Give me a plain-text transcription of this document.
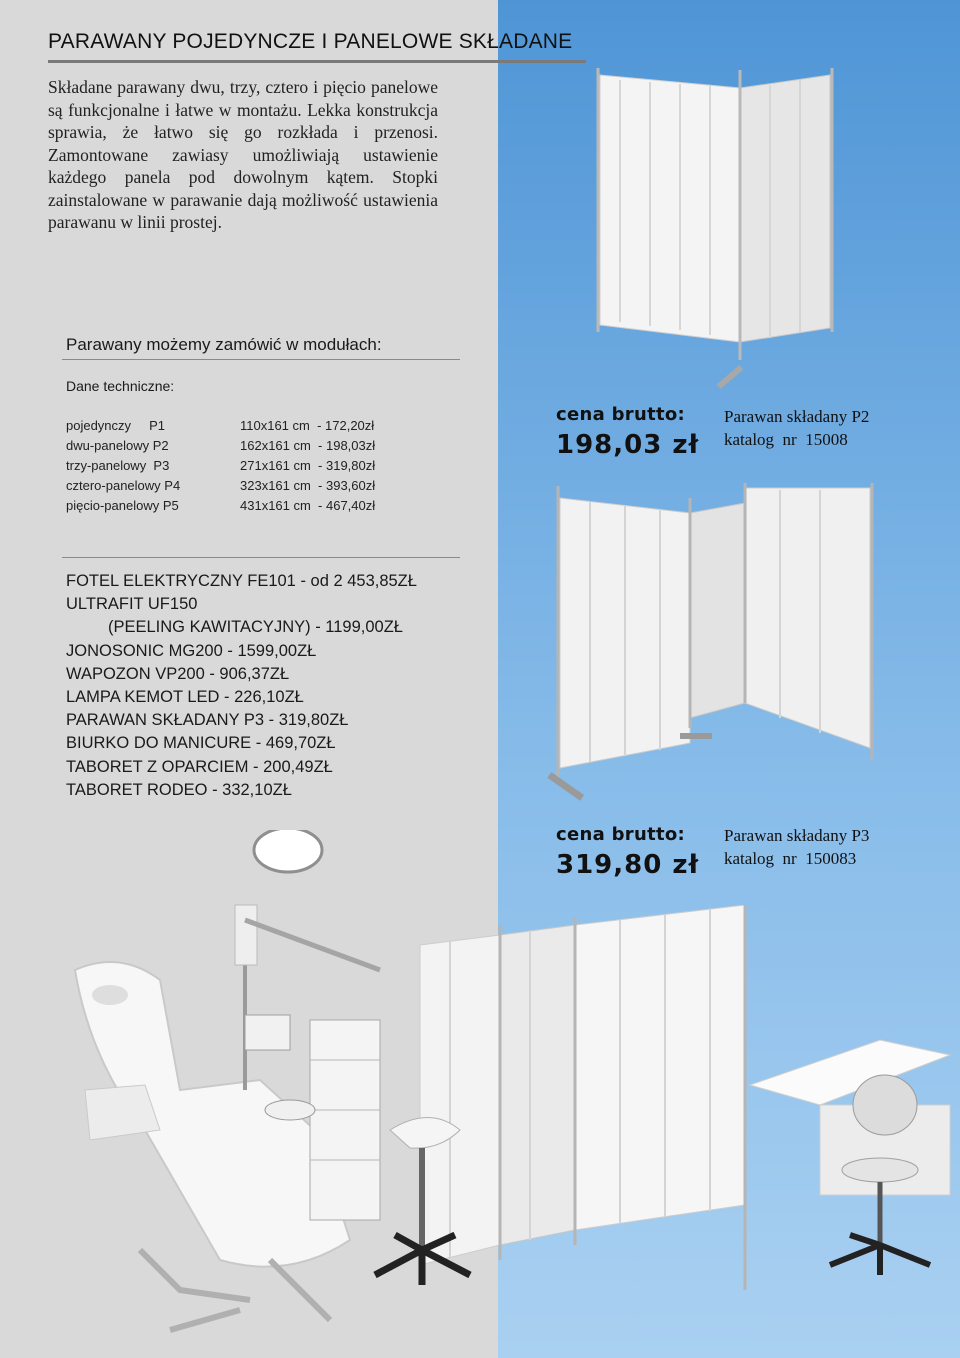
PARAWANY POJEDYNCZE I PANELOWE SKŁADANE
Składane parawany dwu, trzy, cztero i pięcio panelowe są funkcjonalne i łatwe w montażu. Lekka konstrukcja sprawia, że łatwo się go rozkłada i przenosi. Zamontowane zawiasy umożliwiają ustawienie każdego panela pod dowolnym kątem. Stopki zainstalowane w parawanie dają możliwość ustawienia parawanu w linii prostej.
Parawany możemy zamówić w modułach:
Dane techniczne:
pojedynczy     P1	110x161 cm  - 172,20zł
dwu-panelowy P2	162x161 cm  - 198,03zł
trzy-panelowy  P3	271x161 cm  - 319,80zł
cztero-panelowy P4	323x161 cm  - 393,60zł
pięcio-panelowy P5	431x161 cm  - 467,40zł
FOTEL ELEKTRYCZNY FE101 - od 2 453,85ZŁ
ULTRAFIT UF150
(PEELING KAWITACYJNY) - 1199,00ZŁ
JONOSONIC MG200 - 1599,00ZŁ
WAPOZON VP200 - 906,37ZŁ
LAMPA KEMOT LED - 226,10ZŁ
PARAWAN SKŁADANY P3 - 319,80ZŁ
BIURKO DO MANICURE - 469,70ZŁ
TABORET Z OPARCIEM - 200,49ZŁ
TABORET RODEO - 332,10ZŁ
cena brutto:
198,03 zł
Parawan składany P2
katalog  nr  15008
cena brutto:
319,80 zł
Parawan składany P3
katalog  nr  150083
